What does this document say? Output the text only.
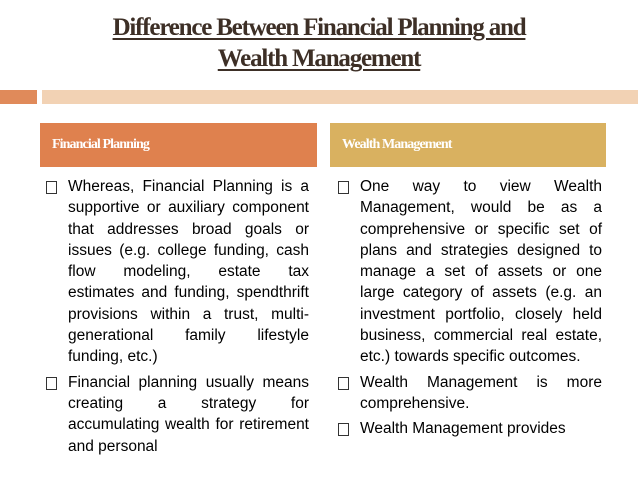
Difference Between Financial Planning and
Wealth Management
Financial Planning	Wealth Management
Whereas, Financial Planning is a supportive or auxiliary component that addresses broad goals or issues (e.g. college funding, cash flow modeling, estate tax estimates and funding, spendthrift provisions within a trust, multi-generational family lifestyle funding, etc.)
Financial planning usually means creating a strategy for accumulating wealth for retirement and personal
One way to view Wealth Management, would be as a comprehensive or specific set of plans and strategies designed to manage a set of assets or one large category of assets (e.g. an investment portfolio, closely held business, commercial real estate, etc.) towards specific outcomes.
Wealth Management is more comprehensive.
Wealth Management provides
